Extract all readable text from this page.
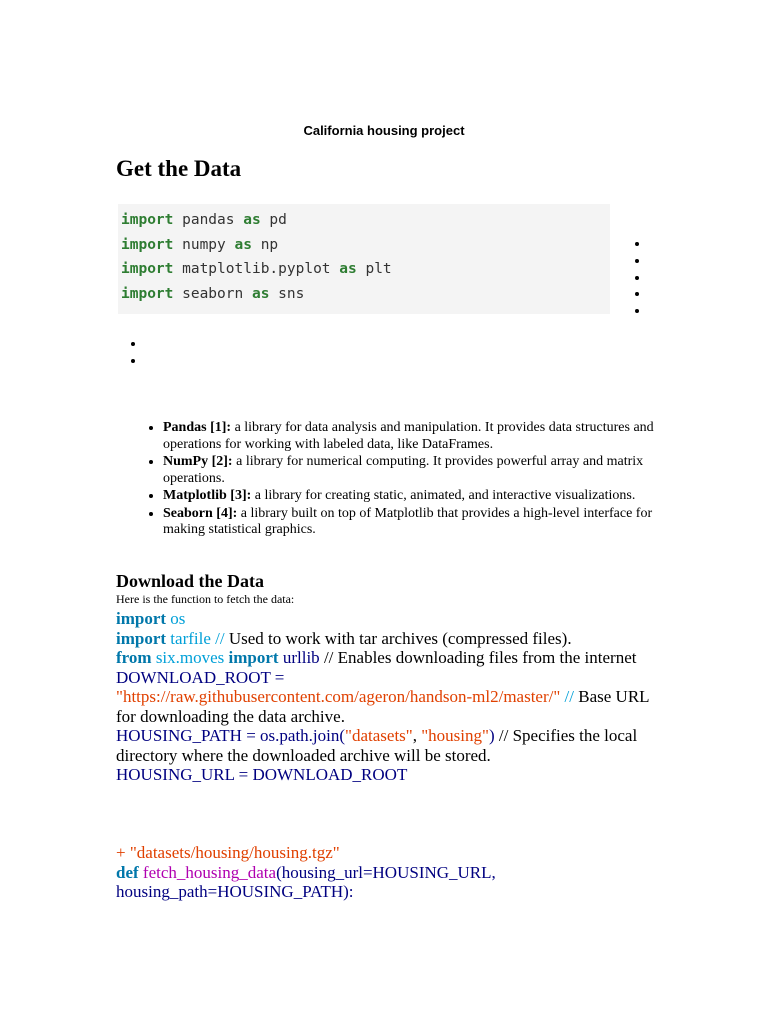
California housing project
Get the Data
import pandas as pd
import numpy as np
import matplotlib.pyplot as plt
import seaborn as sns
• Pandas [1]: a library for data analysis and manipulation. It provides data structures and operations for working with labeled data, like DataFrames.
• NumPy [2]: a library for numerical computing. It provides powerful array and matrix operations.
• Matplotlib [3]: a library for creating static, animated, and interactive visualizations.
• Seaborn [4]: a library built on top of Matplotlib that provides a high-level interface for making statistical graphics.
Download the Data
Here is the function to fetch the data:
import os
import tarfile // Used to work with tar archives (compressed files).
from six.moves import urllib // Enables downloading files from the internet
DOWNLOAD_ROOT =
"https://raw.githubusercontent.com/ageron/handson-ml2/master/" // Base URL for downloading the data archive.
HOUSING_PATH = os.path.join("datasets", "housing") // Specifies the local directory where the downloaded archive will be stored.
HOUSING_URL = DOWNLOAD_ROOT
+ "datasets/housing/housing.tgz"
def fetch_housing_data(housing_url=HOUSING_URL, housing_path=HOUSING_PATH):
